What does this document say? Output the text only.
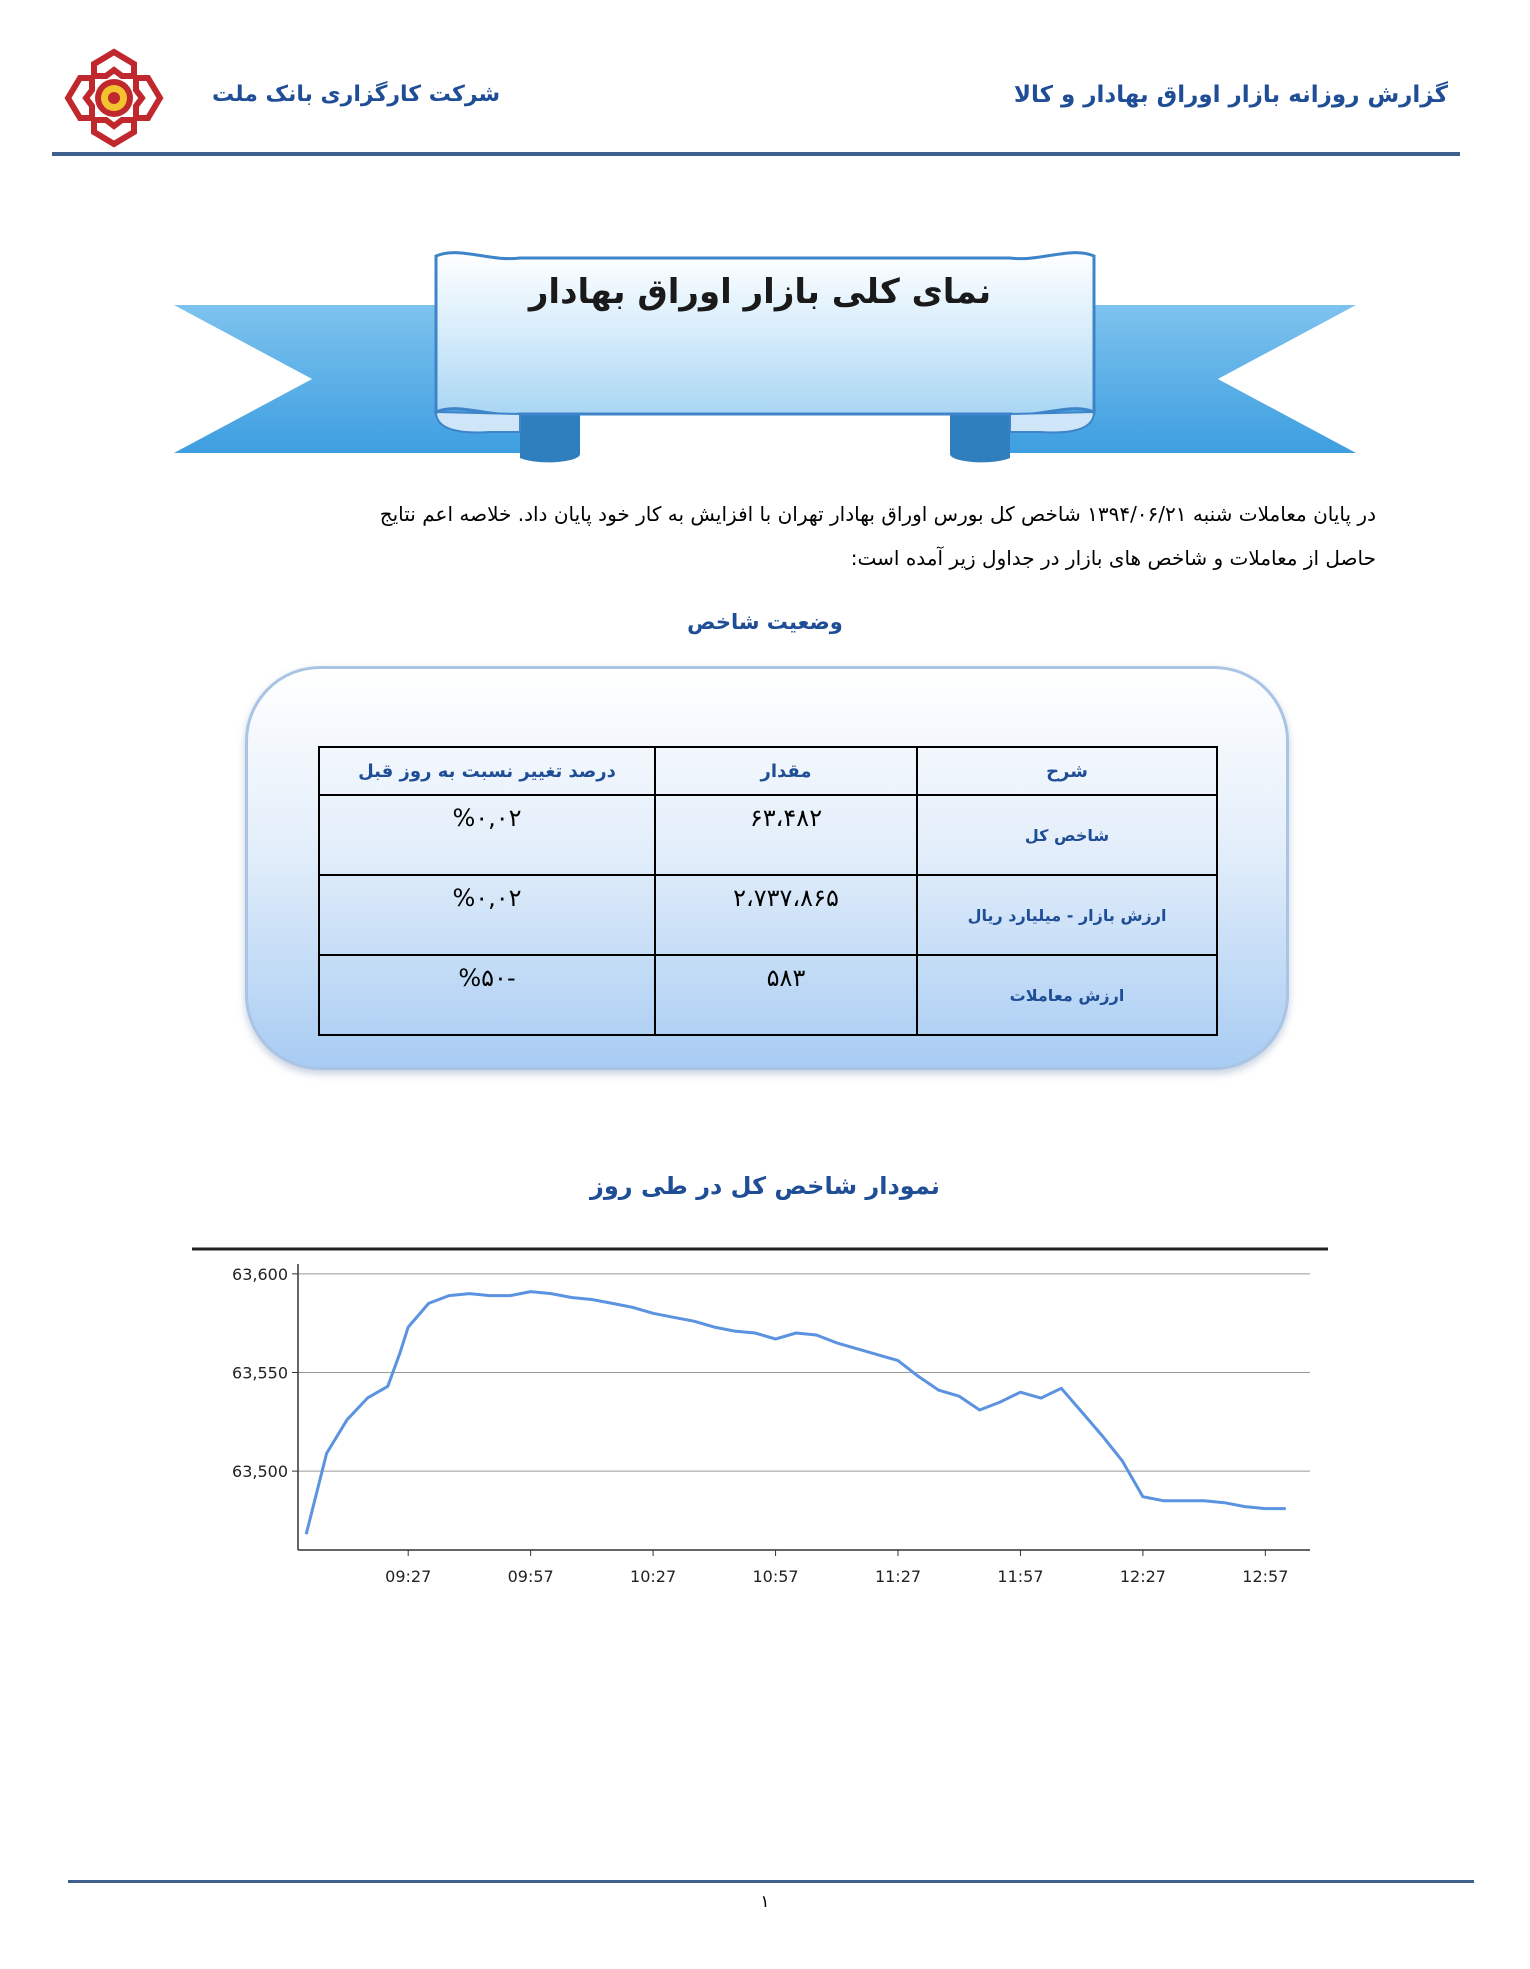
شرکت کارگزاری بانک ملت	گزارش روزانه بازار اوراق بهادار و کالا
نمای کلی بازار اوراق بهادار

در پایان معاملات شنبه ۱۳۹۴/۰۶/۲۱ شاخص کل بورس اوراق بهادار تهران با افزایش به کار خود پایان داد. خلاصه اعم نتایج

حاصل از معاملات و شاخص های بازار در جداول زیر آمده است:

وضعیت شاخص
شرح	مقدار	درصد تغییر نسبت به روز قبل
شاخص کل	۶۳،۴۸۲	%۰,۰۲
ارزش بازار - میلیارد ریال	۲،۷۳۷،۸۶۵	%۰,۰۲
ارزش معاملات	۵۸۳	-%۵۰
نمودار شاخص کل در طی روز
63,600
63,550
63,500
09:27	09:57	10:27	10:57	11:27	11:57	12:27	12:57
۱
